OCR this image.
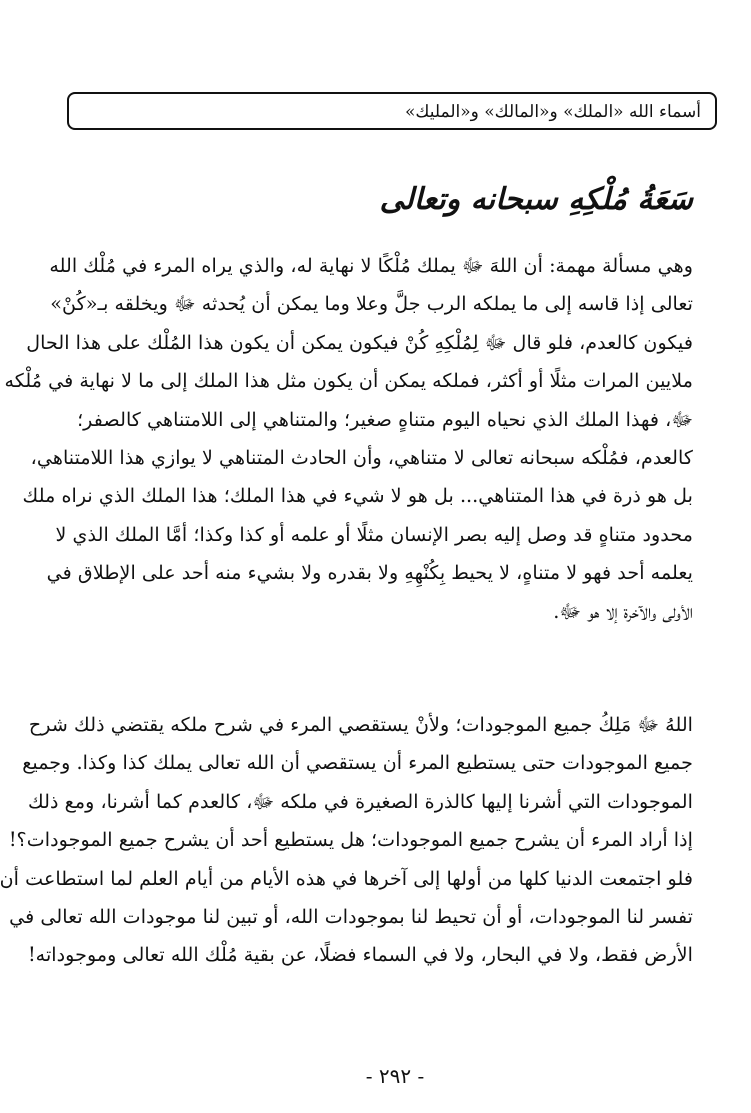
أسماء الله «الملك» و«المالك» و«المليك»
سَعَةُ مُلْكِهِ سبحانه وتعالى
وهي مسألة مهمة: أن اللهَ ﷻ يملك مُلْكًا لا نهاية له، والذي يراه المرء في مُلْك الله
تعالى إذا قاسه إلى ما يملكه الرب جلَّ وعلا وما يمكن أن يُحدثه ﷻ ويخلقه بـ«كُنْ»
فيكون كالعدم، فلو قال ﷻ لِمُلْكِهِ كُنْ فيكون يمكن أن يكون هذا المُلْك على هذا الحال
ملايين المرات مثلًا أو أكثر، فملكه يمكن أن يكون مثل هذا الملك إلى ما لا نهاية في مُلْكه
ﷻ، فهذا الملك الذي نحياه اليوم متناهٍ صغير؛ والمتناهي إلى اللامتناهي كالصفر؛
كالعدم، فمُلْكه سبحانه تعالى لا متناهي، وأن الحادث المتناهي لا يوازي هذا اللامتناهي،
بل هو ذرة في هذا المتناهي... بل هو لا شيء في هذا الملك؛ هذا الملك الذي نراه ملك
محدود متناهٍ قد وصل إليه بصر الإنسان مثلًا أو علمه أو كذا وكذا؛ أمَّا الملك الذي لا
يعلمه أحد فهو لا متناهٍ، لا يحيط بِكُنْهِهِ ولا بقدره ولا بشيء منه أحد على الإطلاق في
الأولى والآخرة إلا هو ﷻ.
اللهُ ﷻ مَلِكُ جميع الموجودات؛ ولأنْ يستقصي المرء في شرح ملكه يقتضي ذلك شرح
جميع الموجودات حتى يستطيع المرء أن يستقصي أن الله تعالى يملك كذا وكذا. وجميع
الموجودات التي أشرنا إليها كالذرة الصغيرة في ملكه ﷻ، كالعدم كما أشرنا، ومع ذلك
إذا أراد المرء أن يشرح جميع الموجودات؛ هل يستطيع أحد أن يشرح جميع الموجودات؟!
فلو اجتمعت الدنيا كلها من أولها إلى آخرها في هذه الأيام من أيام العلم لما استطاعت أن
تفسر لنا الموجودات، أو أن تحيط لنا بموجودات الله، أو تبين لنا موجودات الله تعالى في
الأرض فقط، ولا في البحار، ولا في السماء فضلًا، عن بقية مُلْك الله تعالى وموجوداته!
- ٢٩٢ -
